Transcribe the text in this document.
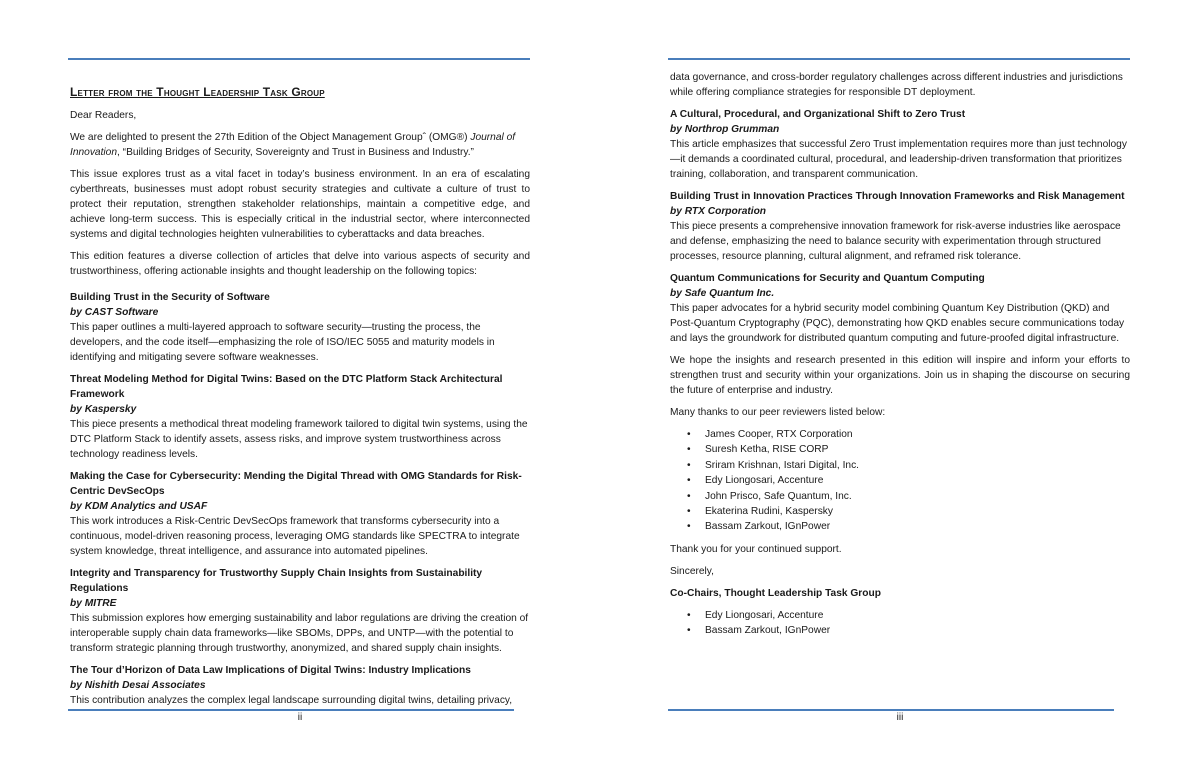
Letter from the Thought Leadership Task Group

Dear Readers,

We are delighted to present the 27th Edition of the Object Management Groupˆ (OMG®) Journal of Innovation, “Building Bridges of Security, Sovereignty and Trust in Business and Industry.”

This issue explores trust as a vital facet in today’s business environment. In an era of escalating cyberthreats, businesses must adopt robust security strategies and cultivate a culture of trust to protect their reputation, strengthen stakeholder relationships, maintain a competitive edge, and achieve long-term success. This is especially critical in the industrial sector, where interconnected systems and digital technologies heighten vulnerabilities to cyberattacks and data breaches.

This edition features a diverse collection of articles that delve into various aspects of security and trustworthiness, offering actionable insights and thought leadership on the following topics:

Building Trust in the Security of Software
by CAST Software
This paper outlines a multi-layered approach to software security—trusting the process, the developers, and the code itself—emphasizing the role of ISO/IEC 5055 and maturity models in identifying and mitigating severe software weaknesses.
Threat Modeling Method for Digital Twins: Based on the DTC Platform Stack Architectural Framework
by Kaspersky
This piece presents a methodical threat modeling framework tailored to digital twin systems, using the DTC Platform Stack to identify assets, assess risks, and improve system trustworthiness across technology readiness levels.
Making the Case for Cybersecurity: Mending the Digital Thread with OMG Standards for Risk-Centric DevSecOps
by KDM Analytics and USAF
This work introduces a Risk-Centric DevSecOps framework that transforms cybersecurity into a continuous, model-driven reasoning process, leveraging OMG standards like SPECTRA to integrate system knowledge, threat intelligence, and assurance into automated pipelines.
Integrity and Transparency for Trustworthy Supply Chain Insights from Sustainability Regulations
by MITRE
This submission explores how emerging sustainability and labor regulations are driving the creation of interoperable supply chain data frameworks—like SBOMs, DPPs, and UNTP—with the potential to transform strategic planning through trustworthy, anonymized, and shared supply chain insights.
The Tour d’Horizon of Data Law Implications of Digital Twins: Industry Implications
by Nishith Desai Associates
This contribution analyzes the complex legal landscape surrounding digital twins, detailing privacy,
ii

data governance, and cross-border regulatory challenges across different industries and jurisdictions while offering compliance strategies for responsible DT deployment.

A Cultural, Procedural, and Organizational Shift to Zero Trust
by Northrop Grumman
This article emphasizes that successful Zero Trust implementation requires more than just technology—it demands a coordinated cultural, procedural, and leadership-driven transformation that prioritizes training, collaboration, and transparent communication.
Building Trust in Innovation Practices Through Innovation Frameworks and Risk Management
by RTX Corporation
This piece presents a comprehensive innovation framework for risk-averse industries like aerospace and defense, emphasizing the need to balance security with experimentation through structured processes, resource planning, cultural alignment, and reframed risk tolerance.
Quantum Communications for Security and Quantum Computing
by Safe Quantum Inc.
This paper advocates for a hybrid security model combining Quantum Key Distribution (QKD) and Post-Quantum Cryptography (PQC), demonstrating how QKD enables secure communications today and lays the groundwork for distributed quantum computing and future-proofed digital infrastructure.

We hope the insights and research presented in this edition will inspire and inform your efforts to strengthen trust and security within your organizations. Join us in shaping the discourse on securing the future of enterprise and industry.

Many thanks to our peer reviewers listed below:

• James Cooper, RTX Corporation
• Suresh Ketha, RISE CORP
• Sriram Krishnan, Istari Digital, Inc.
• Edy Liongosari, Accenture
• John Prisco, Safe Quantum, Inc.
• Ekaterina Rudini, Kaspersky
• Bassam Zarkout, IGnPower

Thank you for your continued support.

Sincerely,

Co-Chairs, Thought Leadership Task Group

• Edy Liongosari, Accenture
• Bassam Zarkout, IGnPower
iii
